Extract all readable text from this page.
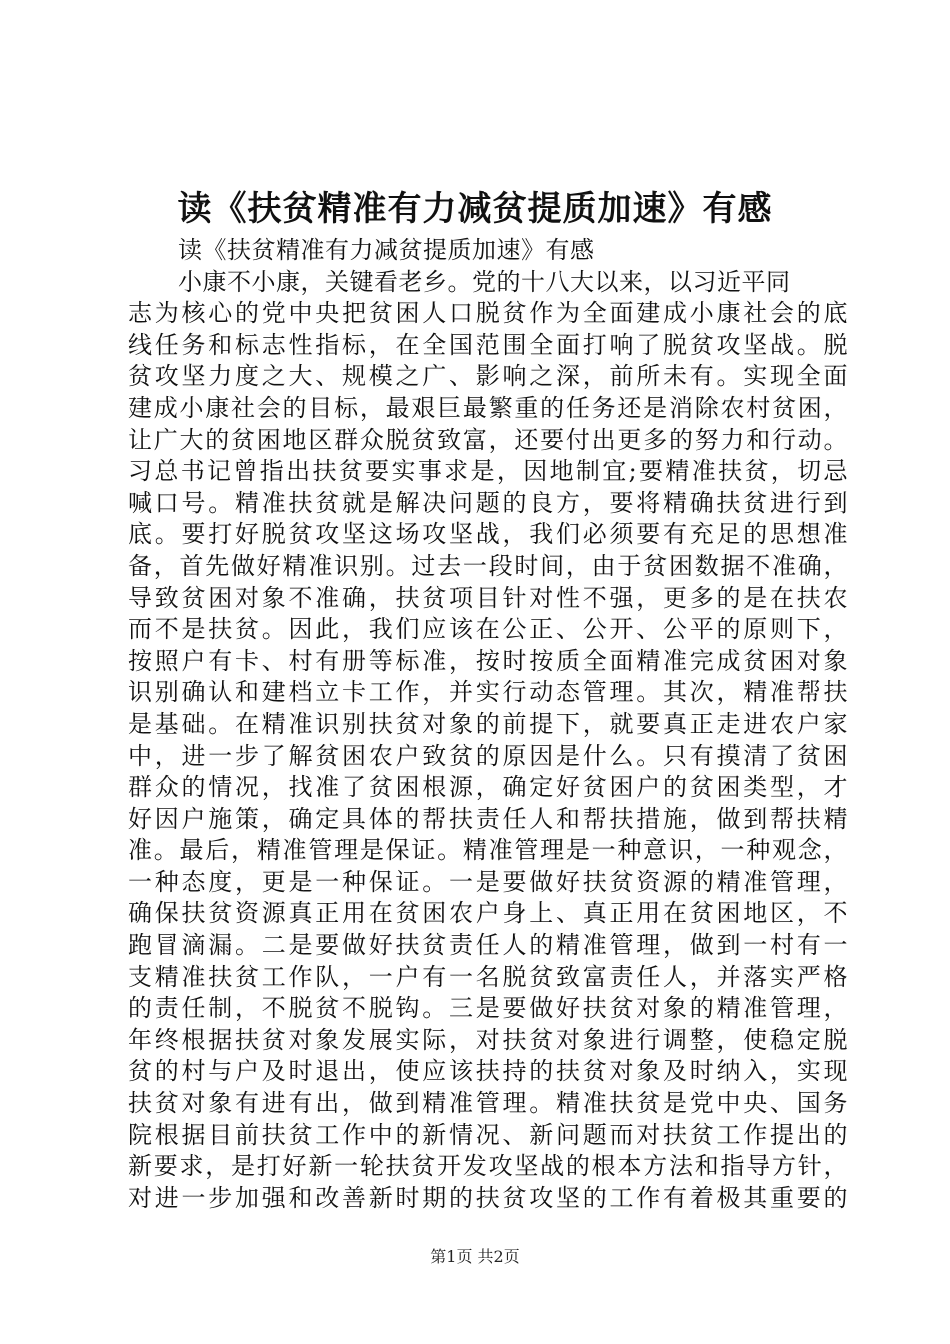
读《扶贫精准有力减贫提质加速》有感
读《扶贫精准有力减贫提质加速》有感
小康不小康，关键看老乡。党的十八大以来，以习近平同
志为核心的党中央把贫困人口脱贫作为全面建成小康社会的底
线任务和标志性指标，在全国范围全面打响了脱贫攻坚战。脱
贫攻坚力度之大、规模之广、影响之深，前所未有。实现全面
建成小康社会的目标，最艰巨最繁重的任务还是消除农村贫困，
让广大的贫困地区群众脱贫致富，还要付出更多的努力和行动。
习总书记曾指出扶贫要实事求是，因地制宜;要精准扶贫，切忌
喊口号。精准扶贫就是解决问题的良方，要将精确扶贫进行到
底。要打好脱贫攻坚这场攻坚战，我们必须要有充足的思想准
备，首先做好精准识别。过去一段时间，由于贫困数据不准确，
导致贫困对象不准确，扶贫项目针对性不强，更多的是在扶农
而不是扶贫。因此，我们应该在公正、公开、公平的原则下，
按照户有卡、村有册等标准，按时按质全面精准完成贫困对象
识别确认和建档立卡工作，并实行动态管理。其次，精准帮扶
是基础。在精准识别扶贫对象的前提下，就要真正走进农户家
中，进一步了解贫困农户致贫的原因是什么。只有摸清了贫困
群众的情况，找准了贫困根源，确定好贫困户的贫困类型，才
好因户施策，确定具体的帮扶责任人和帮扶措施，做到帮扶精
准。最后，精准管理是保证。精准管理是一种意识，一种观念，
一种态度，更是一种保证。一是要做好扶贫资源的精准管理，
确保扶贫资源真正用在贫困农户身上、真正用在贫困地区，不
跑冒滴漏。二是要做好扶贫责任人的精准管理，做到一村有一
支精准扶贫工作队，一户有一名脱贫致富责任人，并落实严格
的责任制，不脱贫不脱钩。三是要做好扶贫对象的精准管理，
年终根据扶贫对象发展实际，对扶贫对象进行调整，使稳定脱
贫的村与户及时退出，使应该扶持的扶贫对象及时纳入，实现
扶贫对象有进有出，做到精准管理。精准扶贫是党中央、国务
院根据目前扶贫工作中的新情况、新问题而对扶贫工作提出的
新要求，是打好新一轮扶贫开发攻坚战的根本方法和指导方针，
对进一步加强和改善新时期的扶贫攻坚的工作有着极其重要的
第1页 共2页
